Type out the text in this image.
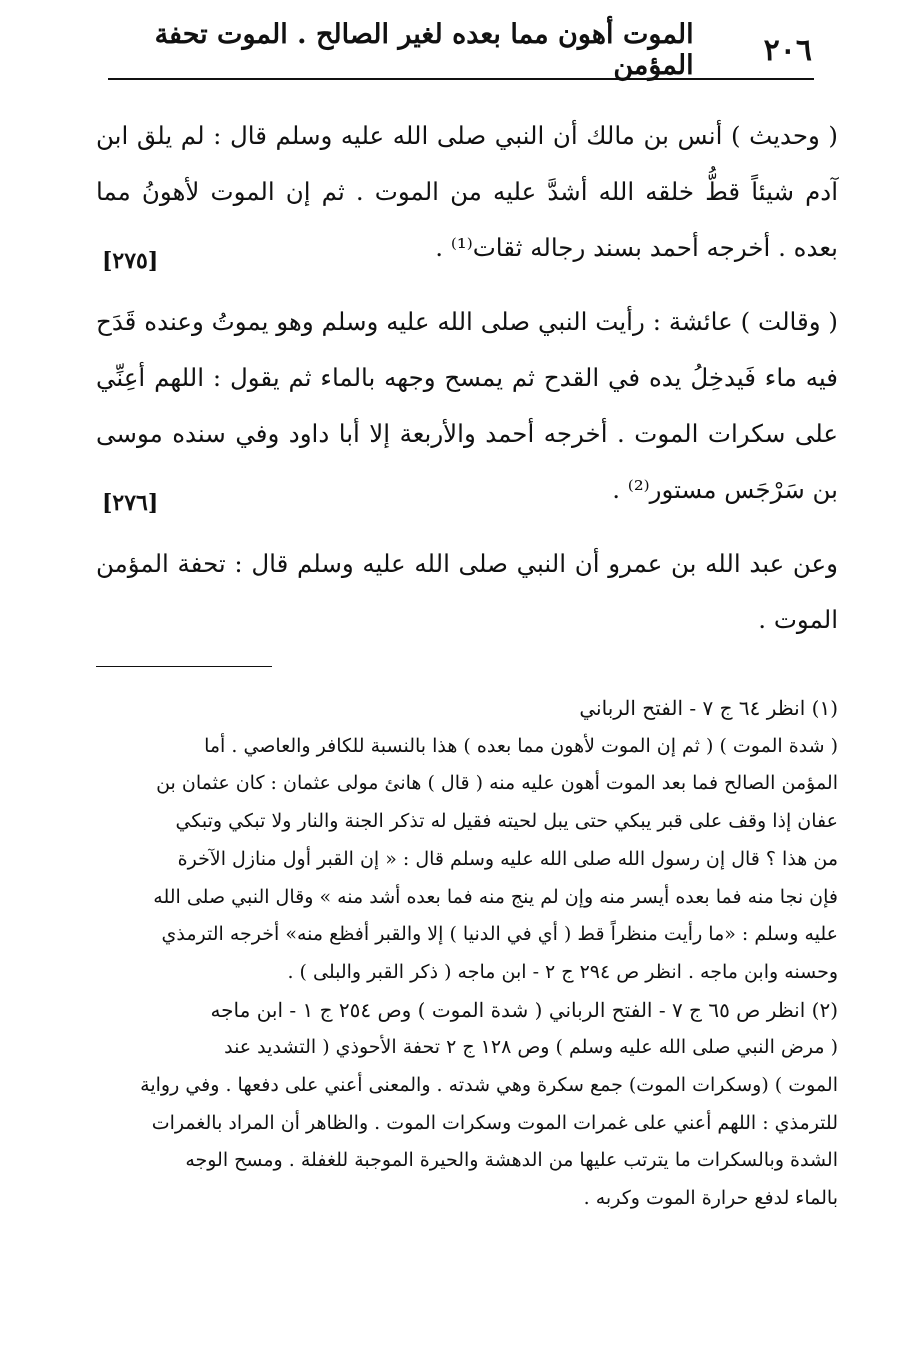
٢٠٦
الموت أهون مما بعده لغير الصالح . الموت تحفة المؤمن
( وحديث ) أنس بن مالك أن النبي صلى الله عليه وسلم قال : لم يلق ابن آدم شيئاً قطُّ خلقه الله أشدَّ عليه من الموت . ثم إن الموت لأهونُ مما بعده . أخرجه أحمد بسند رجاله ثقات⁽¹⁾ .
[٢٧٥]
( وقالت ) عائشة : رأيت النبي صلى الله عليه وسلم وهو يموتُ وعنده قَدَح فيه ماء فَيدخِلُ يده في القدح ثم يمسح وجهه بالماء ثم يقول : اللهم أعِنِّي على سكرات الموت . أخرجه أحمد والأربعة إلا أبا داود وفي سنده موسى بن سَرْجَس مستور⁽²⁾ .
[٢٧٦]
وعن عبد الله بن عمرو أن النبي صلى الله عليه وسلم قال : تحفة المؤمن الموت .
(١) انظر ٦٤ ج ٧ - الفتح الرباني
( شدة الموت ) ( ثم إن الموت لأهون مما بعده ) هذا بالنسبة للكافر والعاصي . أما
المؤمن الصالح فما بعد الموت أهون عليه منه ( قال ) هانئ مولى عثمان : كان عثمان بن
عفان إذا وقف على قبر يبكي حتى يبل لحيته فقيل له تذكر الجنة والنار ولا تبكي وتبكي
من هذا ؟ قال إن رسول الله صلى الله عليه وسلم قال : « إن القبر أول منازل الآخرة
فإن نجا منه فما بعده أيسر منه وإن لم ينج منه فما بعده أشد منه » وقال النبي صلى الله
عليه وسلم : «ما رأيت منظراً قط ( أي في الدنيا ) إلا والقبر أفظع منه» أخرجه الترمذي
وحسنه وابن ماجه . انظر ص ٢٩٤ ج ٢ - ابن ماجه ( ذكر القبر والبلى ) .
(٢) انظر ص ٦٥ ج ٧ - الفتح الرباني ( شدة الموت ) وص ٢٥٤ ج ١ - ابن ماجه
( مرض النبي صلى الله عليه وسلم ) وص ١٢٨ ج ٢ تحفة الأحوذي ( التشديد عند
الموت ) (وسكرات الموت) جمع سكرة وهي شدته . والمعنى أعني على دفعها . وفي رواية
للترمذي : اللهم أعني على غمرات الموت وسكرات الموت . والظاهر أن المراد بالغمرات
الشدة وبالسكرات ما يترتب عليها من الدهشة والحيرة الموجبة للغفلة . ومسح الوجه
بالماء لدفع حرارة الموت وكربه .
